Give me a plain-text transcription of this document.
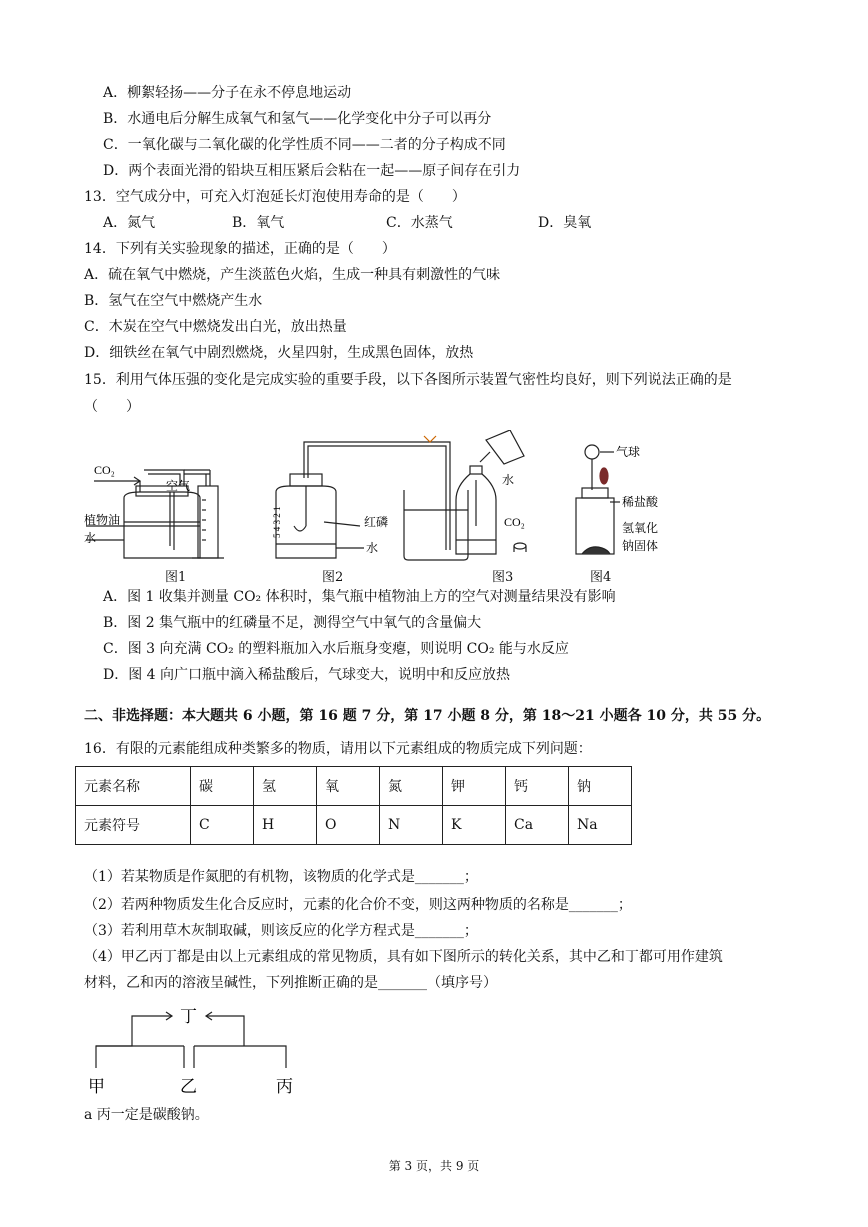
A．柳絮轻扬——分子在永不停息地运动
B．水通电后分解生成氧气和氢气——化学变化中分子可以再分
C．一氧化碳与二氧化碳的化学性质不同——二者的分子构成不同
D．两个表面光滑的铅块互相压紧后会粘在一起——原子间存在引力
13．空气成分中，可充入灯泡延长灯泡使用寿命的是（　　）
A．氮气	B．氧气	C．水蒸气	D．臭氧
14．下列有关实验现象的描述，正确的是（　　）
A．硫在氧气中燃烧，产生淡蓝色火焰，生成一种具有刺激性的气味
B．氢气在空气中燃烧产生水
C．木炭在空气中燃烧发出白光，放出热量
D．细铁丝在氧气中剧烈燃烧，火星四射，生成黑色固体，放热
15．利用气体压强的变化是完成实验的重要手段，以下各图所示装置气密性均良好，则下列说法正确的是
（　　）
CO₂
空气
植物油
水	5 4 3 2 1	红磷
水
水
CO₂
气球
稀盐酸
氢氧化
钠固体
图1	图2	图3	图4
A．图 1 收集并测量 CO₂ 体积时，集气瓶中植物油上方的空气对测量结果没有影响
B．图 2 集气瓶中的红磷量不足，测得空气中氧气的含量偏大
C．图 3 向充满 CO₂ 的塑料瓶加入水后瓶身变瘪，则说明 CO₂ 能与水反应
D．图 4 向广口瓶中滴入稀盐酸后，气球变大，说明中和反应放热
二、非选择题：本大题共 6 小题，第 16 题 7 分，第 17 小题 8 分，第 18～21 小题各 10 分，共 55 分。
16．有限的元素能组成种类繁多的物质，请用以下元素组成的物质完成下列问题：
元素名称	碳	氢	氧	氮	钾	钙	钠
元素符号	C	H	O	N	K	Ca	Na
（1）若某物质是作氮肥的有机物，该物质的化学式是_______；
（2）若两种物质发生化合反应时，元素的化合价不变，则这两种物质的名称是_______；
（3）若利用草木灰制取碱，则该反应的化学方程式是_______；
（4）甲乙丙丁都是由以上元素组成的常见物质，具有如下图所示的转化关系，其中乙和丁都可用作建筑
材料，乙和丙的溶液呈碱性，下列推断正确的是_______（填序号）
丁
甲	乙	丙
a 丙一定是碳酸钠。
第 3 页，共 9 页
